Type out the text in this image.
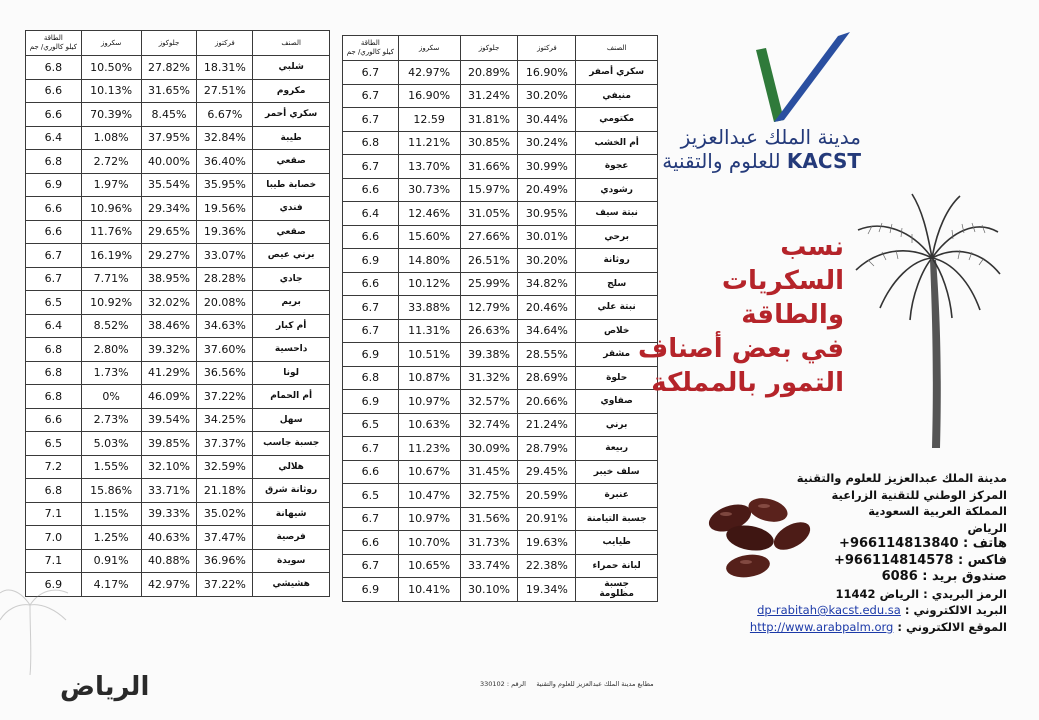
الطاقة
كيلو كالوري/ جم	سكروز	جلوكوز	فركتوز	الصنف
6.8	10.50%	27.82%	18.31%	شلبي
6.6	10.13%	31.65%	27.51%	مكروم
6.6	70.39%	8.45%	6.67%	سكري أحمر
6.4	1.08%	37.95%	32.84%	طيبة
6.8	2.72%	40.00%	36.40%	صقعي
6.9	1.97%	35.54%	35.95%	خصابة طيبا
6.6	10.96%	29.34%	19.56%	فندي
6.6	11.76%	29.65%	19.36%	صقعي
6.7	16.19%	29.27%	33.07%	برني عيص
6.7	7.71%	38.95%	28.28%	جادي
6.5	10.92%	32.02%	20.08%	بريم
6.4	8.52%	38.46%	34.63%	أم كبار
6.8	2.80%	39.32%	37.60%	داحسية
6.8	1.73%	41.29%	36.56%	لونا
6.8	0%	46.09%	37.22%	أم الحمام
6.6	2.73%	39.54%	34.25%	سهل
6.5	5.03%	39.85%	37.37%	جسبة جاسب
7.2	1.55%	32.10%	32.59%	هلالي
6.8	15.86%	33.71%	21.18%	روثانة شرق
7.1	1.15%	39.33%	35.02%	شيهانة
7.0	1.25%	40.63%	37.47%	فرصية
7.1	0.91%	40.88%	36.96%	سويدة
6.9	4.17%	42.97%	37.22%	هشيشي
الطاقة
كيلو كالوري/ جم	سكروز	جلوكوز	فركتوز	الصنف
6.7	42.97%	20.89%	16.90%	سكري أصفر
6.7	16.90%	31.24%	30.20%	منيفي
6.7	12.59	31.81%	30.44%	مكتومي
6.8	11.21%	30.85%	30.24%	أم الخشب
6.7	13.70%	31.66%	30.99%	عجوة
6.6	30.73%	15.97%	20.49%	رشودي
6.4	12.46%	31.05%	30.95%	نبتة سيف
6.6	15.60%	27.66%	30.01%	برحي
6.9	14.80%	26.51%	30.20%	روثانة
6.6	10.12%	25.99%	34.82%	سلج
6.7	33.88%	12.79%	20.46%	نبتة علي
6.7	11.31%	26.63%	34.64%	خلاص
6.9	10.51%	39.38%	28.55%	مشقر
6.8	10.87%	31.32%	28.69%	حلوة
6.9	10.97%	32.57%	20.66%	صفاوي
6.5	10.63%	32.74%	21.24%	برني
6.7	11.23%	30.09%	28.79%	ربيعة
6.6	10.67%	31.45%	29.45%	سلف خيبر
6.5	10.47%	32.75%	20.59%	عنبرة
6.7	10.97%	31.56%	20.91%	جسبة التيامنة
6.6	10.70%	31.73%	19.63%	طيايب
6.7	10.65%	33.74%	22.38%	لبانة حمراء
6.9	10.41%	30.10%	19.34%	جسبة
مظلومة
مدينة الملك عبدالعزيز
KACST للعلوم والتقنية
نسب
السكريات
والطاقة
في بعض أصناف
التمور بالمملكة
مدينة الملك عبدالعزيز للعلوم والتقنية
المركز الوطني للتقنية الزراعية
المملكة العربية السعودية
الرياض
هاتف : +966114813840
فاكس : +966114814578
صندوق بريد : 6086
الرمز البريدي : الرياض 11442
البريد الالكتروني : dp-rabitah@kacst.edu.sa
الموقع الالكتروني : http://www.arabpalm.org
مطابع مدينة الملك عبدالعزيز للعلوم والتقنية     الرقم : 330102
الرياض
